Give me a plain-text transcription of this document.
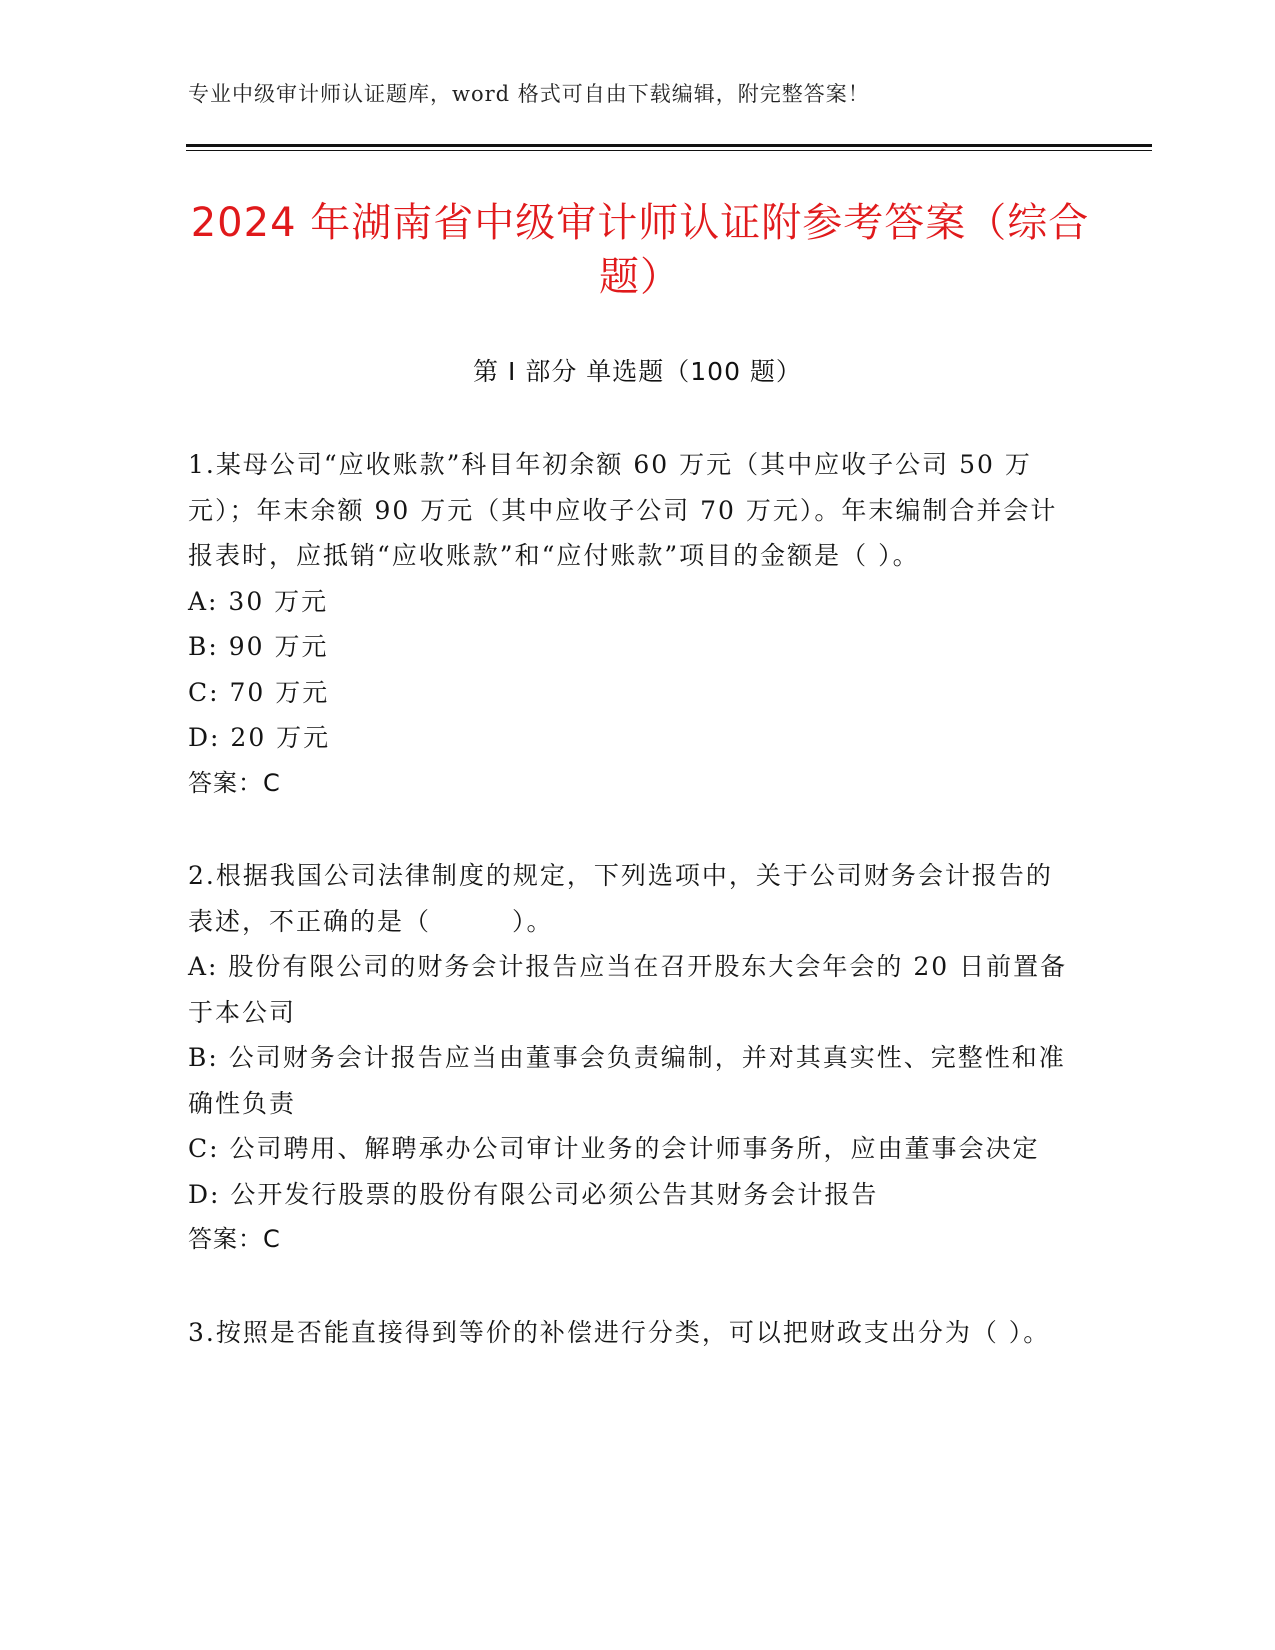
专业中级审计师认证题库，word 格式可自由下载编辑，附完整答案！
2024 年湖南省中级审计师认证附参考答案（综合题）
第 I 部分 单选题（100 题）
1.某母公司“应收账款”科目年初余额 60 万元（其中应收子公司 50 万元）；年末余额 90 万元（其中应收子公司 70 万元）。年末编制合并会计报表时，应抵销“应收账款”和“应付账款”项目的金额是（ ）。
A: 30 万元
B: 90 万元
C: 70 万元
D: 20 万元
答案：C
2.根据我国公司法律制度的规定，下列选项中，关于公司财务会计报告的表述，不正确的是（　　　）。
A: 股份有限公司的财务会计报告应当在召开股东大会年会的 20 日前置备于本公司
B: 公司财务会计报告应当由董事会负责编制，并对其真实性、完整性和准确性负责
C: 公司聘用、解聘承办公司审计业务的会计师事务所，应由董事会决定
D: 公开发行股票的股份有限公司必须公告其财务会计报告
答案：C
3.按照是否能直接得到等价的补偿进行分类，可以把财政支出分为（ ）。
